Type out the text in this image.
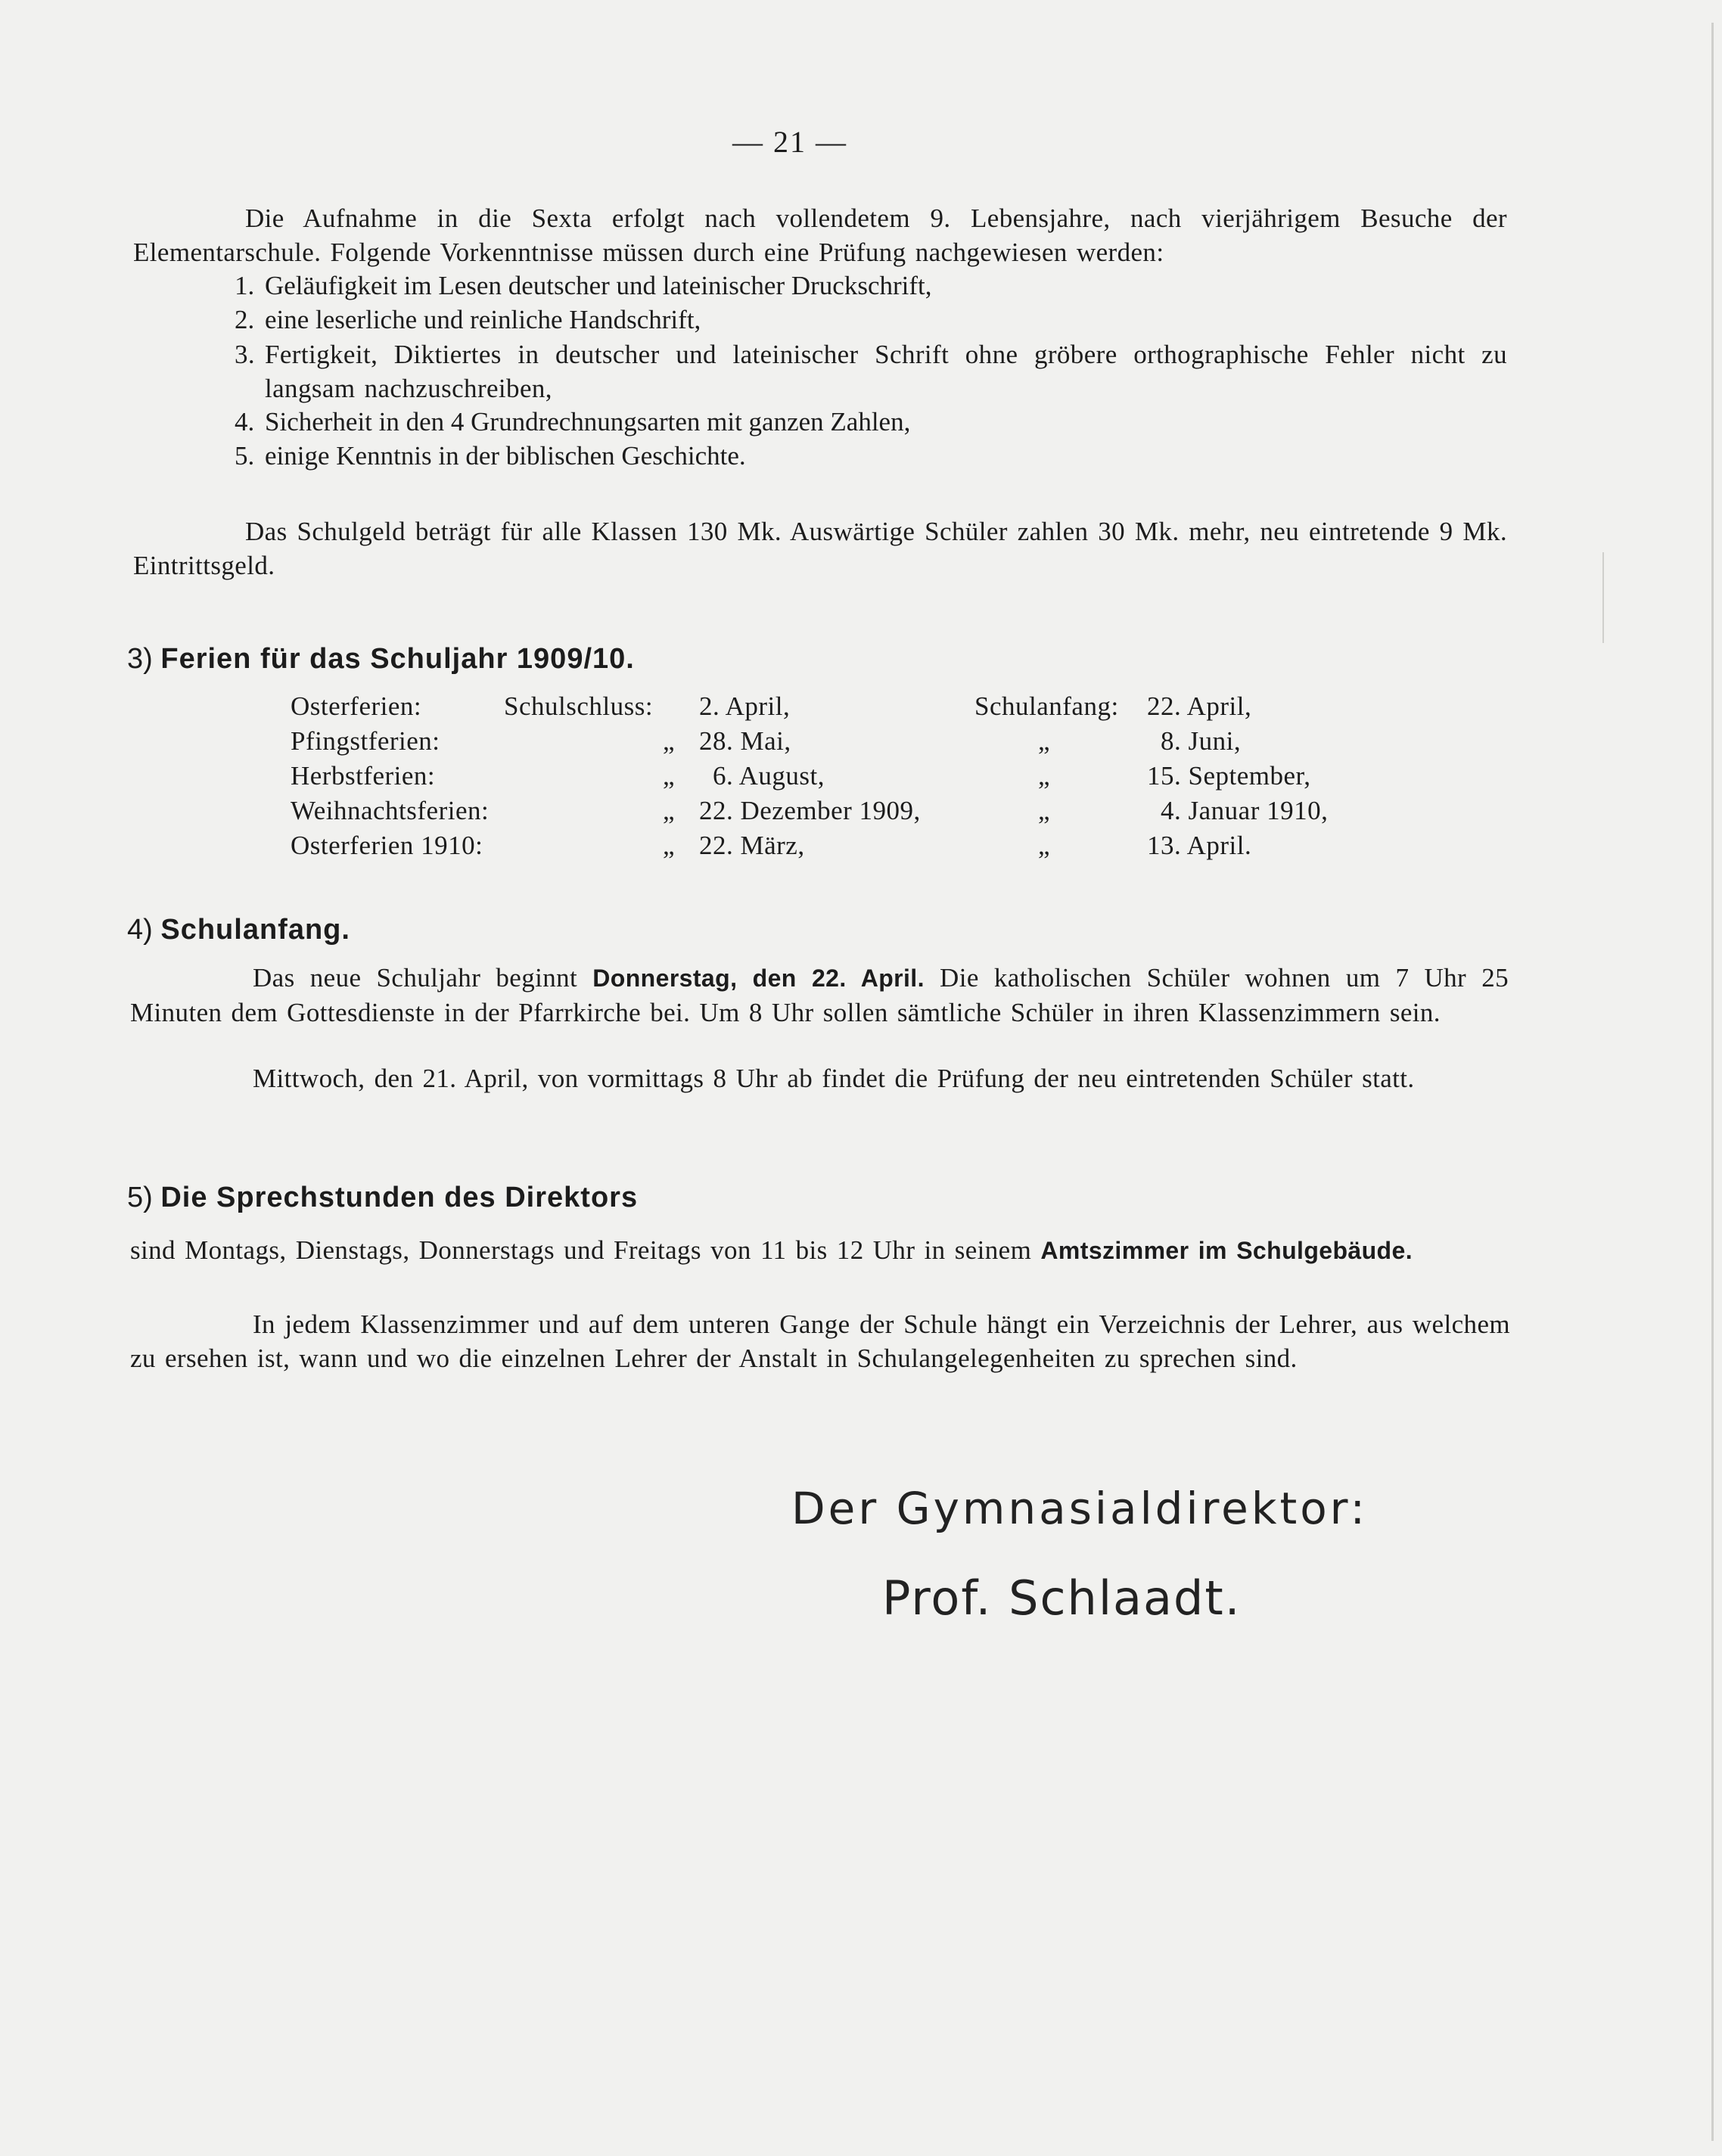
— 21 —
Die Aufnahme in die Sexta erfolgt nach vollendetem 9. Lebensjahre, nach vierjährigem Besuche der Elementarschule. Folgende Vorkenntnisse müssen durch eine Prüfung nachgewiesen werden:
1. Geläufigkeit im Lesen deutscher und lateinischer Druckschrift,
2. eine leserliche und reinliche Handschrift,
3. Fertigkeit, Diktiertes in deutscher und lateinischer Schrift ohne gröbere orthographische Fehler nicht zu langsam nachzuschreiben,
4. Sicherheit in den 4 Grundrechnungsarten mit ganzen Zahlen,
5. einige Kenntnis in der biblischen Geschichte.
Das Schulgeld beträgt für alle Klassen 130 Mk. Auswärtige Schüler zahlen 30 Mk. mehr, neu eintretende 9 Mk. Eintrittsgeld.
3) Ferien für das Schuljahr 1909/10.
Osterferien:	Schulschluss:	2. April,	Schulanfang:	22. April,
Pfingstferien:	„	28. Mai,	„	8. Juni,
Herbstferien:	„	6. August,	„	15. September,
Weihnachtsferien:	„	22. Dezember 1909,	„	4. Januar 1910,
Osterferien 1910:	„	22. März,	„	13. April.
4) Schulanfang.
Das neue Schuljahr beginnt Donnerstag, den 22. April. Die katholischen Schüler wohnen um 7 Uhr 25 Minuten dem Gottesdienste in der Pfarrkirche bei. Um 8 Uhr sollen sämtliche Schüler in ihren Klassenzimmern sein.
Mittwoch, den 21. April, von vormittags 8 Uhr ab findet die Prüfung der neu eintretenden Schüler statt.
5) Die Sprechstunden des Direktors
sind Montags, Dienstags, Donnerstags und Freitags von 11 bis 12 Uhr in seinem Amtszimmer im Schulgebäude.
In jedem Klassenzimmer und auf dem unteren Gange der Schule hängt ein Verzeichnis der Lehrer, aus welchem zu ersehen ist, wann und wo die einzelnen Lehrer der Anstalt in Schulangelegenheiten zu sprechen sind.
Der Gymnasialdirektor:
Prof. Schlaadt.
